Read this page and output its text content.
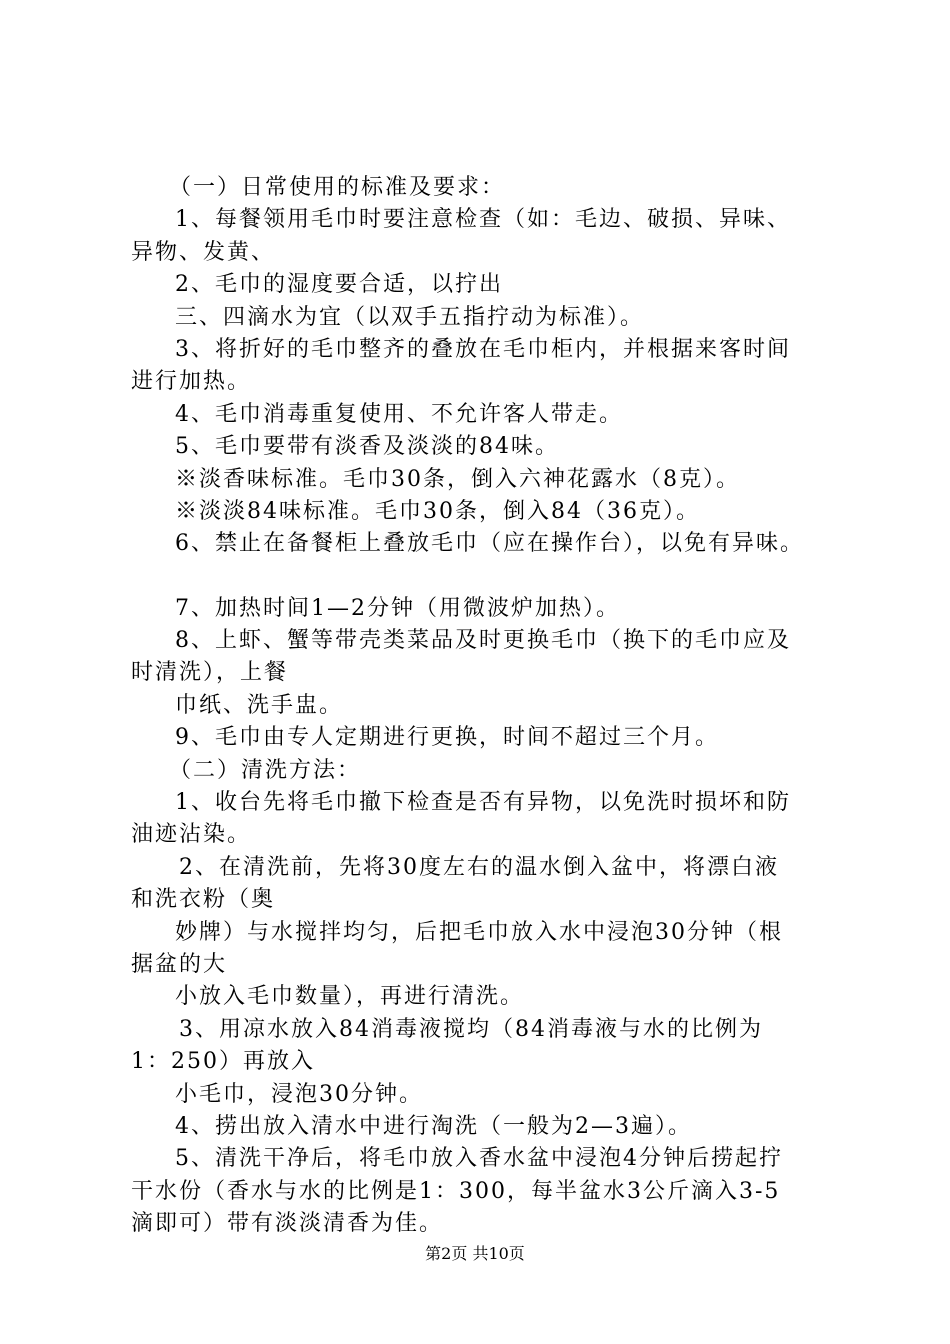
（一）日常使用的标准及要求：
1、每餐领用毛巾时要注意检查（如：毛边、破损、异味、
异物、发黄、
2、毛巾的湿度要合适，以拧出
三、四滴水为宜（以双手五指拧动为标准）。
3、将折好的毛巾整齐的叠放在毛巾柜内，并根据来客时间
进行加热。
4、毛巾消毒重复使用、不允许客人带走。
5、毛巾要带有淡香及淡淡的84味。
※淡香味标准。毛巾30条，倒入六神花露水（8克）。
※淡淡84味标准。毛巾30条，倒入84（36克）。
6、禁止在备餐柜上叠放毛巾（应在操作台），以免有异味。
7、加热时间1—2分钟（用微波炉加热）。
8、上虾、蟹等带壳类菜品及时更换毛巾（换下的毛巾应及
时清洗），上餐
巾纸、洗手盅。
9、毛巾由专人定期进行更换，时间不超过三个月。
（二）清洗方法：
1、收台先将毛巾撤下检查是否有异物，以免洗时损坏和防
油迹沾染。
2、在清洗前，先将30度左右的温水倒入盆中，将漂白液
和洗衣粉（奥
妙牌）与水搅拌均匀，后把毛巾放入水中浸泡30分钟（根
据盆的大
小放入毛巾数量），再进行清洗。
3、用凉水放入84消毒液搅均（84消毒液与水的比例为
1：250）再放入
小毛巾，浸泡30分钟。
4、捞出放入清水中进行淘洗（一般为2—3遍）。
5、清洗干净后，将毛巾放入香水盆中浸泡4分钟后捞起拧
干水份（香水与水的比例是1：300，每半盆水3公斤滴入3-5
滴即可）带有淡淡清香为佳。
第2页 共10页
